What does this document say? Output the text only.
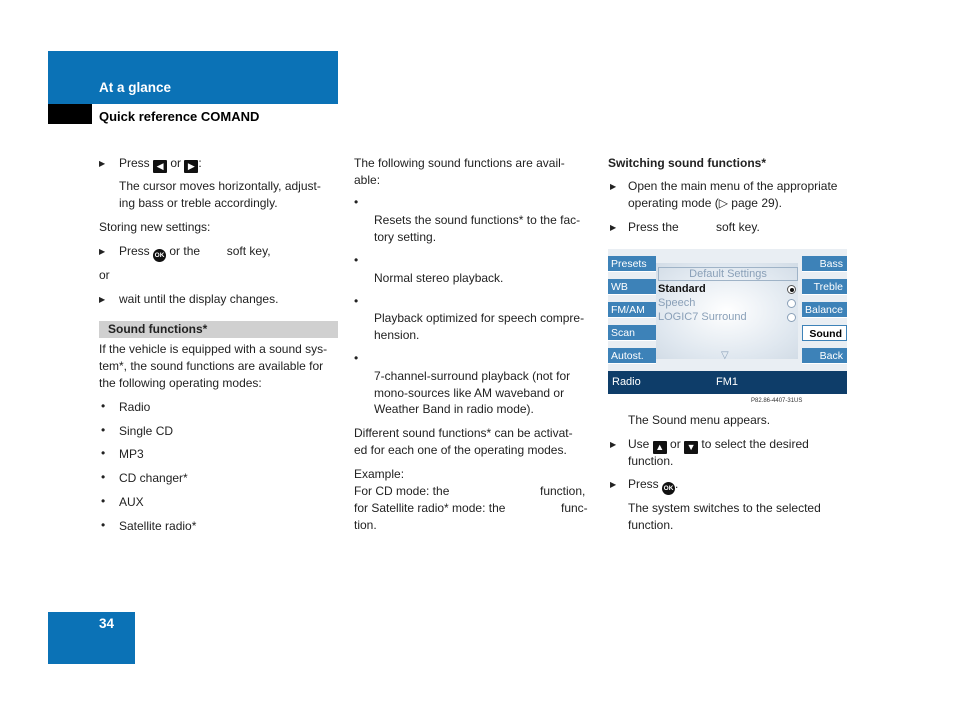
At a glance
Quick reference COMAND
▶ Press ◀ or ▶ :
The cursor moves horizontally, adjust-
ing bass or treble accordingly.
Storing new settings:
▶ Press OK or the        soft key,
or
▶ wait until the display changes.
Sound functions*
If the vehicle is equipped with a sound sys-
tem*, the sound functions are available for
the following operating modes:
• Radio
• Single CD
• MP3
• CD changer*
• AUX
• Satellite radio*
The following sound functions are avail-
able:
•
Resets the sound functions* to the fac-
tory setting.
•
Normal stereo playback.
•
Playback optimized for speech compre-
hension.
•
7-channel-surround playback (not for
mono-sources like AM waveband or
Weather Band in radio mode).
Different sound functions* can be activat-
ed for each one of the operating modes.
Example:
For CD mode: the	function,
for Satellite radio* mode: the	func-
tion.
Switching sound functions*
▶ Open the main menu of the appropriate
operating mode (▷ page 29).
▶ Press the	soft key.
Presets
WB
FM/AM
Scan
Autost.
Bass
Treble
Balance
Sound
Back
Default Settings
Standard
Speech
LOGIC7 Surround
▽
Radio	FM1
P82.86-4407-31US
The Sound menu appears.
▶ Use ▲ or ▼ to select the desired
function.
▶ Press OK .
The system switches to the selected
function.
34
